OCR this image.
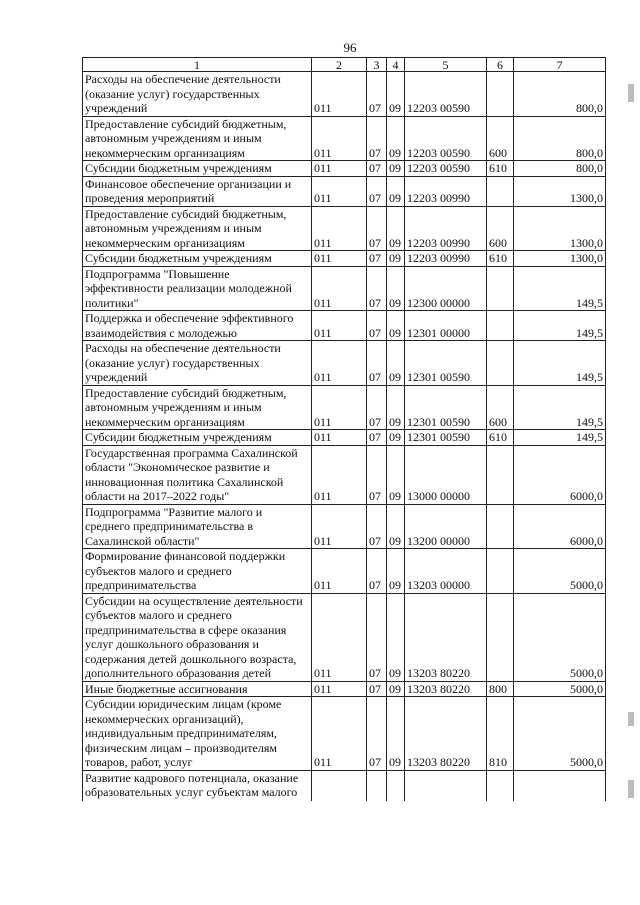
96
1	2	3	4	5	6	7
Расходы на обеспечение деятельности (оказание услуг) государственных учреждений	011	07	09	12203 00590		800,0
Предоставление субсидий бюджетным, автономным учреждениям и иным некоммерческим организациям	011	07	09	12203 00590	600	800,0
Субсидии бюджетным учреждениям	011	07	09	12203 00590	610	800,0
Финансовое обеспечение организации и проведения мероприятий	011	07	09	12203 00990		1300,0
Предоставление субсидий бюджетным, автономным учреждениям и иным некоммерческим организациям	011	07	09	12203 00990	600	1300,0
Субсидии бюджетным учреждениям	011	07	09	12203 00990	610	1300,0
Подпрограмма "Повышение эффективности реализации молодежной политики"	011	07	09	12300 00000		149,5
Поддержка и обеспечение эффективного взаимодействия с молодежью	011	07	09	12301 00000		149,5
Расходы на обеспечение деятельности (оказание услуг) государственных учреждений	011	07	09	12301 00590		149,5
Предоставление субсидий бюджетным, автономным учреждениям и иным некоммерческим организациям	011	07	09	12301 00590	600	149,5
Субсидии бюджетным учреждениям	011	07	09	12301 00590	610	149,5
Государственная программа Сахалинской области "Экономическое развитие и инновационная политика Сахалинской области на 2017–2022 годы"	011	07	09	13000 00000		6000,0
Подпрограмма "Развитие малого и среднего предпринимательства в Сахалинской области"	011	07	09	13200 00000		6000,0
Формирование финансовой поддержки субъектов малого и среднего предпринимательства	011	07	09	13203 00000		5000,0
Субсидии на осуществление деятельности субъектов малого и среднего предпринимательства в сфере оказания услуг дошкольного образования и содержания детей дошкольного возраста, дополнительного образования детей	011	07	09	13203 80220		5000,0
Иные бюджетные ассигнования	011	07	09	13203 80220	800	5000,0
Субсидии юридическим лицам (кроме некоммерческих организаций), индивидуальным предпринимателям, физическим лицам – производителям товаров, работ, услуг	011	07	09	13203 80220	810	5000,0
Развитие кадрового потенциала, оказание образовательных услуг субъектам малого						
